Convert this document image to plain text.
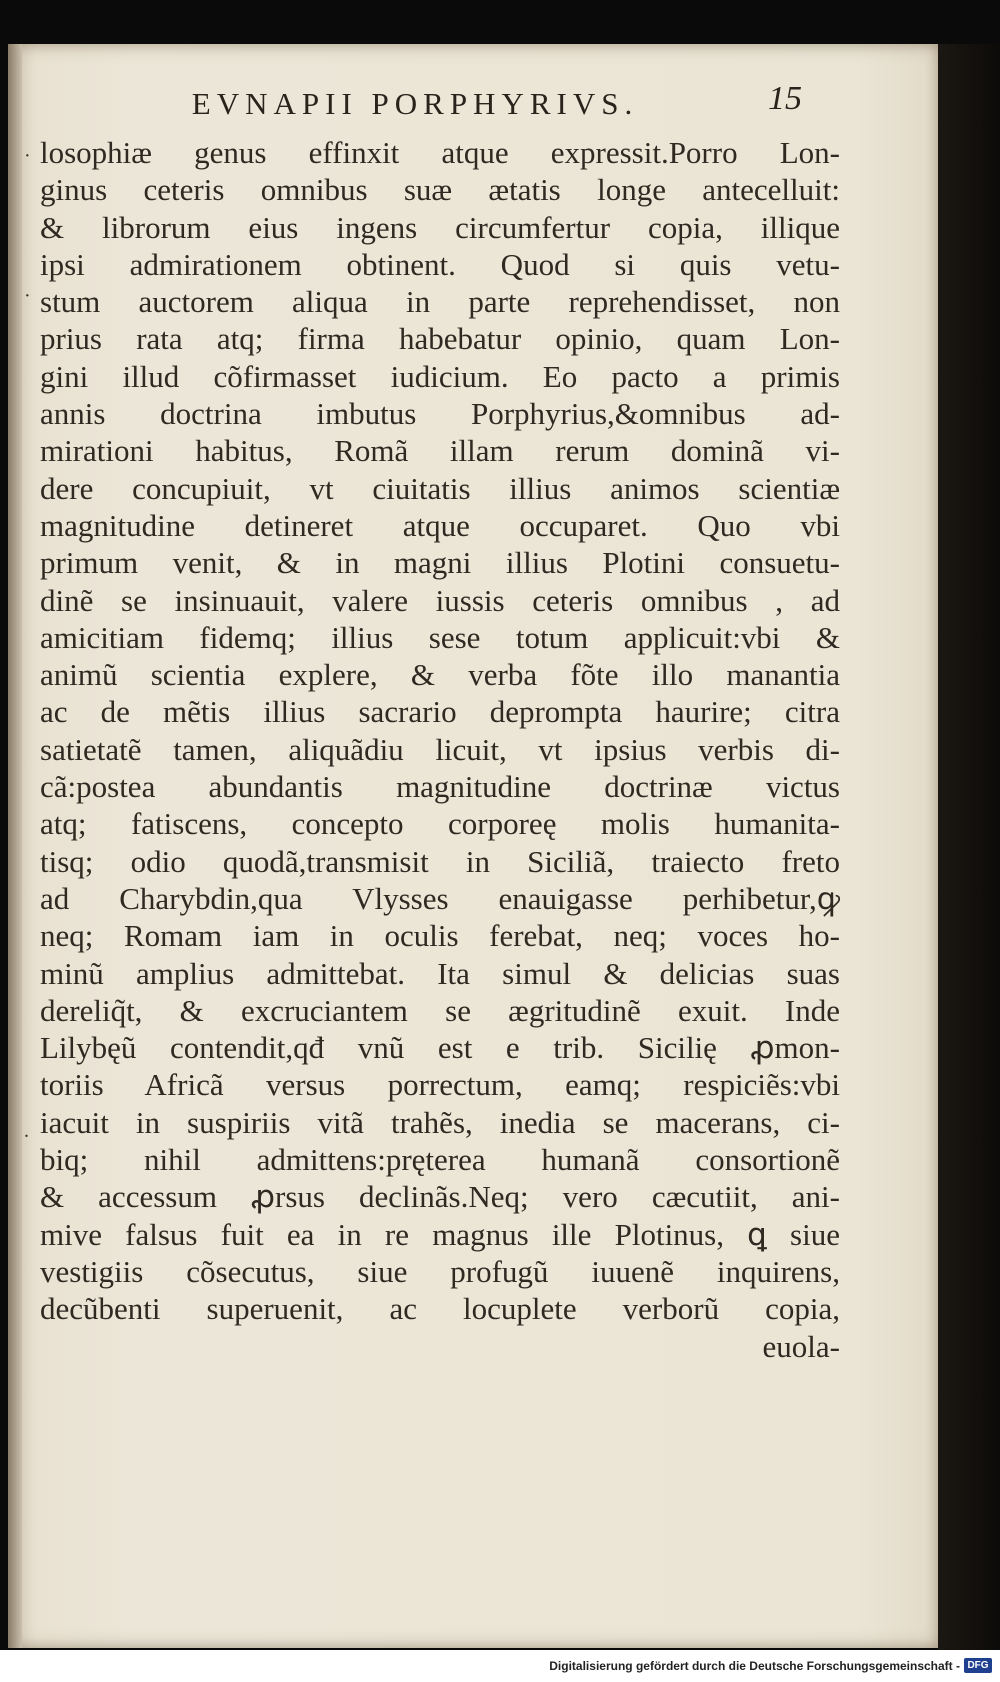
EVNAPII PORPHYRIVS.	15
·
·
.
losophiæ genus effinxit atque expressit.Porro Lon-
ginus ceteris omnibus suæ ætatis longe antecelluit:
& librorum eius ingens circumfertur copia, illique
ipsi admirationem obtinent. Quod si quis vetu-
stum auctorem aliqua in parte reprehendisset, non
prius rata atq; firma habebatur opinio, quam Lon-
gini illud cõfirmasset iudicium. Eo pacto a primis
annis doctrina imbutus Porphyrius,&omnibus ad-
mirationi habitus, Romã illam rerum dominã vi-
dere concupiuit, vt ciuitatis illius animos scientiæ
magnitudine detineret atque occuparet. Quo vbi
primum venit, & in magni illius Plotini consuetu-
dinẽ se insinuauit, valere iussis ceteris omnibus , ad
amicitiam fidemq; illius sese totum applicuit:vbi &
animũ scientia explere, & verba fõte illo manantia
ac de mẽtis illius sacrario deprompta haurire; citra
satietatẽ tamen, aliquãdiu licuit, vt ipsius verbis di-
cã:postea abundantis magnitudine doctrinæ victus
atq; fatiscens, concepto corporeę molis humanita-
tisq; odio quodã,transmisit in Siciliã, traiecto freto
ad Charybdin,qua Vlysses enauigasse perhibetur,ꝙ
neq; Romam iam in oculis ferebat, neq; voces ho-
minũ amplius admittebat. Ita simul & delicias suas
dereliq̃t, & excruciantem se ægritudinẽ exuit. Inde
Lilybęũ contendit,qđ vnũ est e trib. Sicilię ꝓmon-
toriis Africã versus porrectum, eamq; respiciẽs:vbi
iacuit in suspiriis vitã trahẽs, inedia se macerans, ci-
biq; nihil admittens:pręterea humanã consortionẽ
& accessum ꝓrsus declinãs.Neq; vero cæcutiit, ani-
mive falsus fuit ea in re magnus ille Plotinus, ꝗ siue
vestigiis cõsecutus, siue profugũ iuuenẽ inquirens,
decũbenti superuenit, ac locuplete verborũ copia,
euola-
Digitalisierung gefördert durch die Deutsche Forschungsgemeinschaft - DFG
